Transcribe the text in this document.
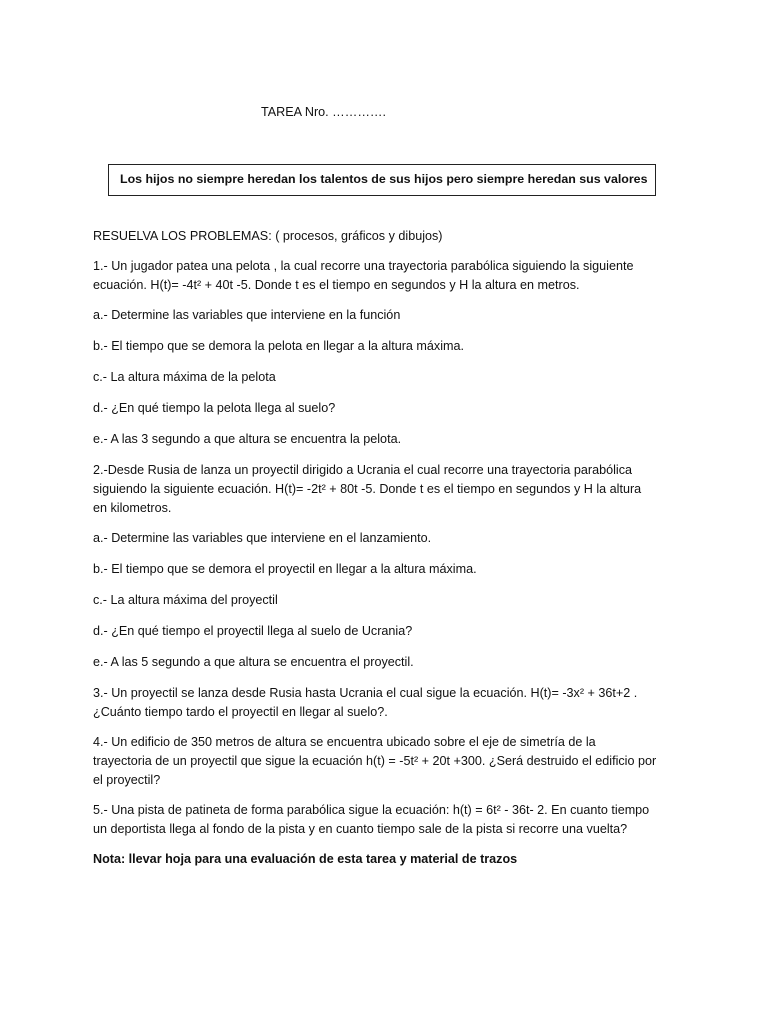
TAREA Nro. ………….
Los hijos no siempre heredan los talentos de sus hijos pero siempre heredan sus valores

RESUELVA LOS PROBLEMAS: ( procesos, gráficos y dibujos)

1.- Un jugador patea una pelota , la cual recorre una trayectoria parabólica siguiendo la siguiente
ecuación. H(t)= -4t² + 40t -5. Donde t es el tiempo en segundos y H la altura en metros.

a.- Determine las variables que interviene en la función

b.- El tiempo que se demora la pelota en llegar a la altura máxima.

c.- La altura máxima de la pelota

d.- ¿En qué tiempo la pelota llega al suelo?

e.- A las 3 segundo a que altura se encuentra la pelota.

2.-Desde Rusia de lanza un proyectil dirigido a Ucrania el cual recorre una trayectoria parabólica
siguiendo la siguiente ecuación. H(t)= -2t² + 80t -5. Donde t es el tiempo en segundos y H la altura
en kilometros.

a.- Determine las variables que interviene en el lanzamiento.

b.- El tiempo que se demora el proyectil en llegar a la altura máxima.

c.- La altura máxima del proyectil

d.- ¿En qué tiempo el proyectil llega al suelo de Ucrania?

e.- A las 5 segundo a que altura se encuentra el proyectil.

3.- Un proyectil se lanza desde Rusia hasta Ucrania el cual sigue la ecuación. H(t)= -3x² + 36t+2 .
¿Cuánto tiempo tardo el proyectil en llegar al suelo?.

4.- Un edificio de 350 metros de altura se encuentra ubicado sobre el eje de simetría de la
trayectoria de un proyectil que sigue la ecuación h(t) = -5t² + 20t +300. ¿Será destruido el edificio por
el proyectil?

5.- Una pista de patineta de forma parabólica sigue la ecuación: h(t) = 6t² - 36t- 2. En cuanto tiempo
un deportista llega al fondo de la pista y en cuanto tiempo sale de la pista si recorre una vuelta?

Nota: llevar hoja para una evaluación de esta tarea y material de trazos
